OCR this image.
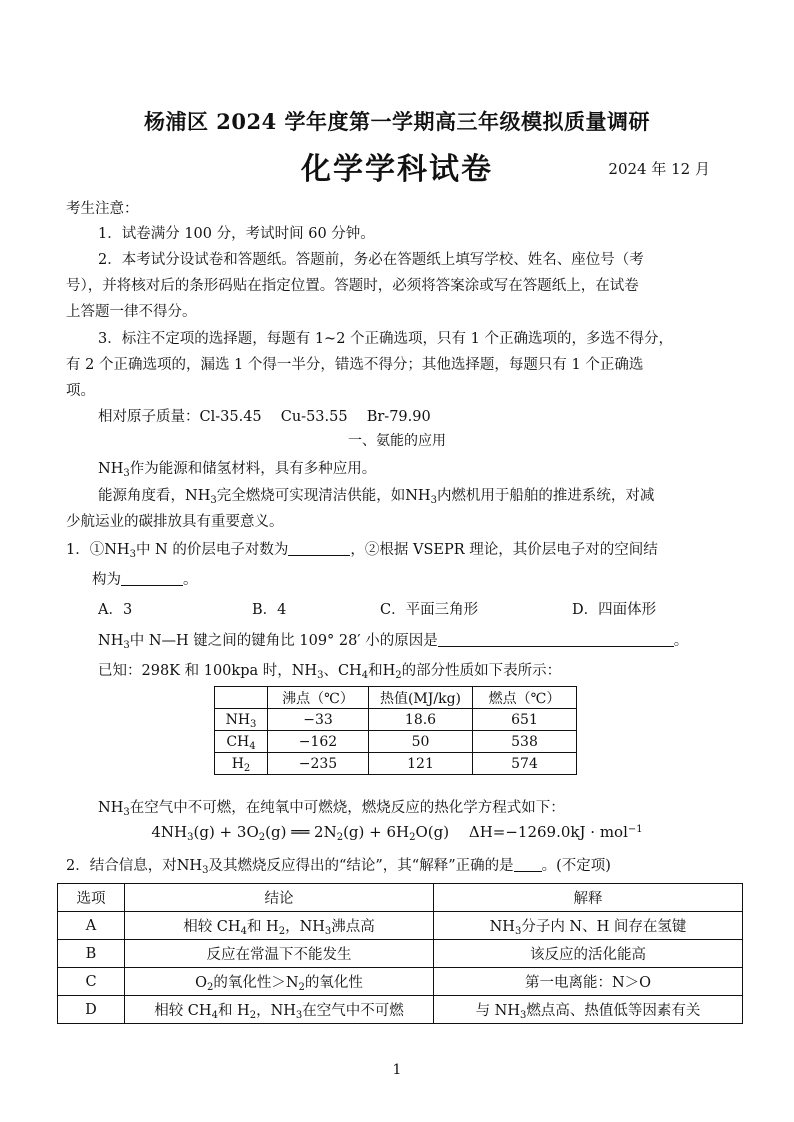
杨浦区 2024 学年度第一学期高三年级模拟质量调研
化学学科试卷	2024 年 12 月
考生注意：
1．试卷满分 100 分，考试时间 60 分钟。
2．本考试分设试卷和答题纸。答题前，务必在答题纸上填写学校、姓名、座位号（考
号），并将核对后的条形码贴在指定位置。答题时，必须将答案涂或写在答题纸上，在试卷
上答题一律不得分。
3．标注不定项的选择题，每题有 1~2 个正确选项，只有 1 个正确选项的，多选不得分，
有 2 个正确选项的，漏选 1 个得一半分，错选不得分；其他选择题，每题只有 1 个正确选
项。
相对原子质量：Cl-35.45　 Cu-53.55　 Br-79.90
一、氨能的应用
$NH_3$作为能源和储氢材料，具有多种应用。
能源角度看，$NH_3$完全燃烧可实现清洁供能，如$NH_3$内燃机用于船舶的推进系统，对减
少航运业的碳排放具有重要意义。
1．$①NH_3$中 N 的价层电子对数为	，②根据 VSEPR 理论，其价层电子对的空间结
构为	。
A．3	B．4	C．平面三角形	D．四面体形
$NH_3$中 N—H 键之间的键角比 109° 28′ 小的原因是	。
已知：298K 和 100kpa 时，$NH_3$、$CH_4$和$H_2$的部分性质如下表所示：
	沸点（℃）	热值(MJ/kg)	燃点（℃）
$NH_3$	−33	18.6	651
$CH_4$	−162	50	538
$H_2$	−235	121	574
$NH_3$在空气中不可燃，在纯氧中可燃烧，燃烧反应的热化学方程式如下：
$4NH_3(g) + 3O_2(g)$ ══ $2N_2(g) + 6H_2O(g)$　 ΔH=−1269.0kJ · mol$^{-1}$
2．结合信息，对$NH_3$及其燃烧反应得出的“结论”，其“解释”正确的是 。(不定项)
选项	结论	解释
A	相较 $CH_4$和 $H_2$，$NH_3$沸点高	$NH_3$分子内 N、H 间存在氢键
B	反应在常温下不能发生	该反应的活化能高
C	$O_2$的氧化性$>N_2$的氧化性	第一电离能：N＞O
D	相较 $CH_4$和 $H_2$，$NH_3$在空气中不可燃	与 $NH_3$燃点高、热值低等因素有关
1
